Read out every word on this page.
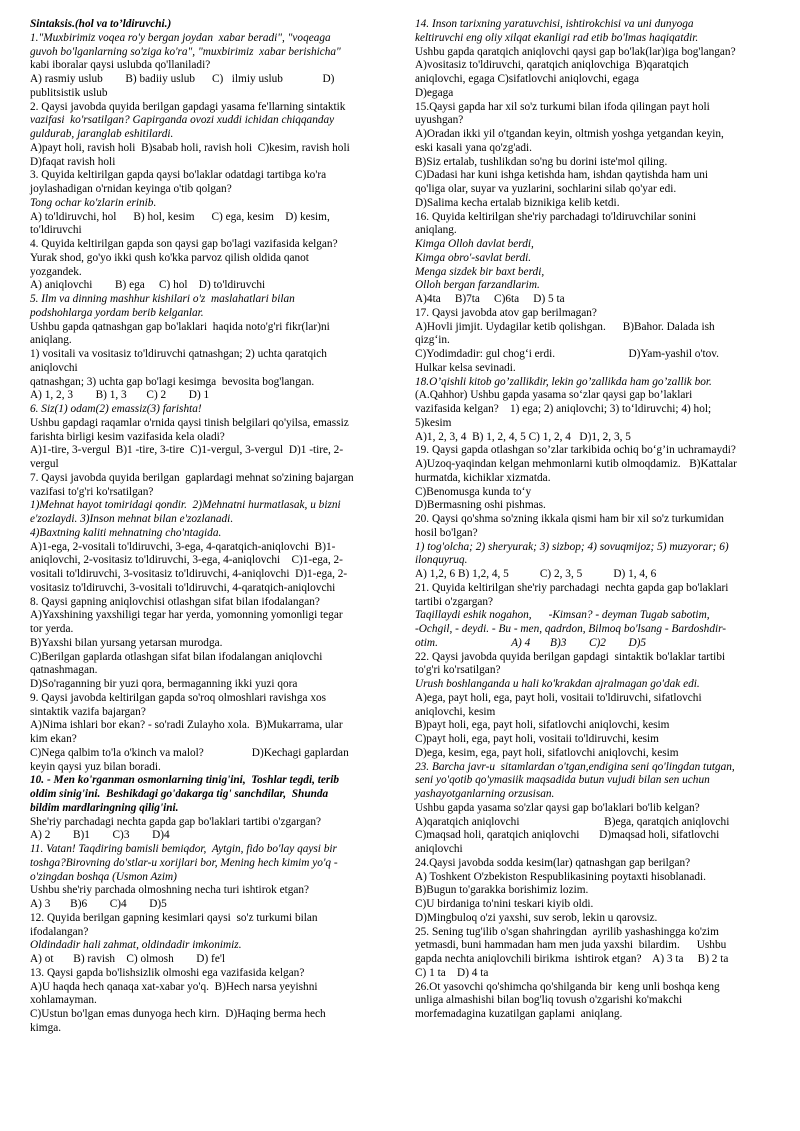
Sintaksis.(hol va to’ldiruvchi.)
1."Muxbirimiz voqea ro'y bergan joydan  xabar beradi", "voqeaga
guvoh bo'lganlarning so'ziga ko'ra", "muxbirimiz  xabar berishicha"
kabi iboralar qaysi uslubda qo'llaniladi?
A) rasmiy uslub        B) badiiy uslub      C)   ilmiy uslub              D)
publitsistik uslub
2. Qaysi javobda quyida berilgan gapdagi yasama fe'llarning sintaktik
vazifasi  ko'rsatilgan? Gapirganda ovozi xuddi ichidan chiqqanday
guldurab, jaranglab eshitilardi.
A)payt holi, ravish holi  B)sabab holi, ravish holi  C)kesim, ravish holi
D)faqat ravish holi
3. Quyida keltirilgan gapda qaysi bo'laklar odatdagi tartibga ko'ra
joylashadigan o'rnidan keyinga o'tib qolgan?
Tong ochar ko'zlarin erinib.
A) to'ldiruvchi, hol      B) hol, kesim      C) ega, kesim    D) kesim,
to'ldiruvchi
4. Quyida keltirilgan gapda son qaysi gap bo'lagi vazifasida kelgan?
Yurak shod, go'yo ikki qush ko'kka parvoz qilish oldida qanot
yozgandek.
A) aniqlovchi        B) ega     C) hol    D) to'ldiruvchi
5. Ilm va dinning mashhur kishilari o'z  maslahatlari bilan
podshohlarga yordam berib kelganlar.
Ushbu gapda qatnashgan gap bo'laklari  haqida noto'g'ri fikr(lar)ni
aniqlang.
1) vositali va vositasiz to'ldiruvchi qatnashgan; 2) uchta qaratqich
aniqlovchi
qatnashgan; 3) uchta gap bo'lagi kesimga  bevosita bog'langan.
A) 1, 2, 3        B) 1, 3       C) 2        D) 1
6. Siz(1) odam(2) emassiz(3) farishta!
Ushbu gapdagi raqamlar o'rnida qaysi tinish belgilari qo'yilsa, emassiz
farishta birligi kesim vazifasida kela oladi?
A)1-tire, 3-vergul  B)1 -tire, 3-tire  C)1-vergul, 3-vergul  D)1 -tire, 2-
vergul
7. Qaysi javobda quyida berilgan  gaplardagi mehnat so'zining bajargan
vazifasi to'g'ri ko'rsatilgan?
1)Mehnat hayot tomiridagi qondir.  2)Mehnatni hurmatlasak, u bizni
e'zozlaydi. 3)Inson mehnat bilan e'zozlanadi.
4)Baxtning kaliti mehnatning cho'ntagida.
A)1-ega, 2-vositali to'ldiruvchi, 3-ega, 4-qaratqich-aniqlovchi  B)1-
aniqlovchi, 2-vositasiz to'ldiruvchi, 3-ega, 4-aniqlovchi    C)1-ega, 2-
vositali to'ldiruvchi, 3-vositasiz to'ldiruvchi, 4-aniqlovchi  D)1-ega, 2-
vositasiz to'ldiruvchi, 3-vositali to'ldiruvchi, 4-qaratqich-aniqlovchi
8. Qaysi gapning aniqlovchisi otlashgan sifat bilan ifodalangan?
A)Yaxshining yaxshiligi tegar har yerda, yomonning yomonligi tegar
tor yerda.
B)Yaxshi bilan yursang yetarsan murodga.
C)Berilgan gaplarda otlashgan sifat bilan ifodalangan aniqlovchi
qatnashmagan.
D)So'raganning bir yuzi qora, bermaganning ikki yuzi qora
9. Qaysi javobda keltirilgan gapda so'roq olmoshlari ravishga xos
sintaktik vazifa bajargan?
A)Nima ishlari bor ekan? - so'radi Zulayho xola.  B)Mukarrama, ular
kim ekan?
C)Nega qalbim to'la o'kinch va malol?                 D)Kechagi gaplardan
keyin qaysi yuz bilan boradi.
10. - Men ko'rganman osmonlarning tinig'ini,  Toshlar tegdi, terib
oldim sinig'ini.  Beshikdagi go'dakarga tig' sanchdilar,  Shunda
bildim mardlaringning qilig'ini.
She'riy parchadagi nechta gapda gap bo'laklari tartibi o'zgargan?
A) 2        B)1        C)3        D)4
11. Vatan! Taqdiring bamisli bemiqdor,  Aytgin, fido bo'lay qaysi bir
toshga?Birovning do'stlar-u xorijlari bor, Mening hech kimim yo'q -
o'zingdan boshqa (Usmon Azim)
Ushbu she'riy parchada olmoshning necha turi ishtirok etgan?
A) 3       B)6        C)4        D)5
12. Quyida berilgan gapning kesimlari qaysi  so'z turkumi bilan
ifodalangan?
Oldindadir hali zahmat, oldindadir imkonimiz.
A) ot       B) ravish    C) olmosh        D) fe'l
13. Qaysi gapda bo'lishsizlik olmoshi ega vazifasida kelgan?
A)U haqda hech qanaqa xat-xabar yo'q.  B)Hech narsa yeyishni
xohlamayman.
C)Ustun bo'lgan emas dunyoga hech kirn.  D)Haqing berma hech
kimga.
14. Inson tarixning yaratuvchisi, ishtirokchisi va uni dunyoga
keltiruvchi eng oliy xilqat ekanligi rad etib bo'lmas haqiqatdir.
Ushbu gapda qaratqich aniqlovchi qaysi gap bo'lak(lar)iga bog'langan?
A)vositasiz to'ldiruvchi, qaratqich aniqlovchiga  B)qaratqich
aniqlovchi, egaga C)sifatlovchi aniqlovchi, egaga
D)egaga
15.Qaysi gapda har xil so'z turkumi bilan ifoda qilingan payt holi
uyushgan?
A)Oradan ikki yil o'tgandan keyin, oltmish yoshga yetgandan keyin,
eski kasali yana qo'zg'adi.
B)Siz ertalab, tushlikdan so'ng bu dorini iste'mol qiling.
C)Dadasi har kuni ishga ketishda ham, ishdan qaytishda ham uni
qo'liga olar, suyar va yuzlarini, sochlarini silab qo'yar edi.
D)Salima kecha ertalab biznikiga kelib ketdi.
16. Quyida keltirilgan she'riy parchadagi to'ldiruvchilar sonini
aniqlang.
Kimga Olloh davlat berdi,
Kimga obro'-savlat berdi.
Menga sizdek bir baxt berdi,
Olloh bergan farzandlarim.
A)4ta     B)7ta     C)6ta     D) 5 ta
17. Qaysi javobda atov gap berilmagan?
A)Hovli jimjit. Uydagilar ketib qolishgan.      B)Bahor. Dalada ish
qizg‘in.
C)Yodimdadir: gul chog‘i erdi.                          D)Yam-yashil o'tov.
Hulkar kelsa sevinadi.
18.O’qishli kitob go’zallikdir, lekin go’zallikda ham go’zallik bor.
(A.Qahhor) Ushbu gapda yasama so‘zlar qaysi gap bo’laklari
vazifasida kelgan?    1) ega; 2) aniqlovchi; 3) to‘ldiruvchi; 4) hol;
5)kesim
A)1, 2, 3, 4  B) 1, 2, 4, 5 C) 1, 2, 4   D)1, 2, 3, 5
19. Qaysi gapda otlashgan so’zlar tarkibida ochiq bo‘g’in uchramaydi?
A)Uzoq-yaqindan kelgan mehmonlarni kutib olmoqdamiz.   B)Kattalar
hurmatda, kichiklar xizmatda.
C)Benomusga kunda to‘y
D)Bermasning oshi pishmas.
20. Qaysi qo'shma so'zning ikkala qismi ham bir xil so'z turkumidan
hosil bo'lgan?
1) tog'olcha; 2) sheryurak; 3) sizbop; 4) sovuqmijoz; 5) muzyorar; 6)
ilonquyruq.
A) 1,2, 6 B) 1,2, 4, 5           C) 2, 3, 5           D) 1, 4, 6
21. Quyida keltirilgan she'riy parchadagi  nechta gapda gap bo'laklari
tartibi o'zgargan?
Taqillaydi eshik nogahon,      -Kimsan? - deyman Tugab sabotim,
-Ochgil, - deydi. - Bu - men, qadrdon, Bilmoq bo'lsang - Bardoshdir-
otim.                          A) 4       B)3        C)2        D)5
22. Qaysi javobda quyida berilgan gapdagi  sintaktik bo'laklar tartibi
to'g'ri ko'rsatilgan?
Urush boshlanganda u hali ko'krakdan ajralmagan go'dak edi.
A)ega, payt holi, ega, payt holi, vositaii to'ldiruvchi, sifatlovchi
aniqlovchi, kesim
B)payt holi, ega, payt holi, sifatlovchi aniqlovchi, kesim
C)payt holi, ega, payt holi, vositaii to'ldiruvchi, kesim
D)ega, kesim, ega, payt holi, sifatlovchi aniqlovchi, kesim
23. Barcha javr-u  sitamlardan o'tgan,endigina seni qo'lingdan tutgan,
seni yo'qotib qo'ymasiik maqsadida butun vujudi bilan sen uchun
yashayotganlarning orzusisan.
Ushbu gapda yasama so'zlar qaysi gap bo'laklari bo'lib kelgan?
A)qaratqich aniqlovchi                              B)ega, qaratqich aniqlovchi
C)maqsad holi, qaratqich aniqlovchi       D)maqsad holi, sifatlovchi
aniqlovchi
24.Qaysi javobda sodda kesim(lar) qatnashgan gap berilgan?
A) Toshkent O'zbekiston Respublikasining poytaxti hisoblanadi.
B)Bugun to'garakka borishimiz lozim.
C)U birdaniga to'nini teskari kiyib oldi.
D)Mingbuloq o'zi yaxshi, suv serob, lekin u qarovsiz.
25. Sening tug'ilib o'sgan shahringdan  ayrilib yashashingga ko'zim
yetmasdi, buni hammadan ham men juda yaxshi  bilardim.      Ushbu
gapda nechta aniqlovchili birikma  ishtirok etgan?    A) 3 ta     B) 2 ta
C) 1 ta    D) 4 ta
26.Ot yasovchi qo'shimcha qo'shilganda bir  keng unli boshqa keng
unliga almashishi bilan bog'liq tovush o'zgarishi ko'makchi
morfemadagina kuzatilgan gaplami  aniqlang.
